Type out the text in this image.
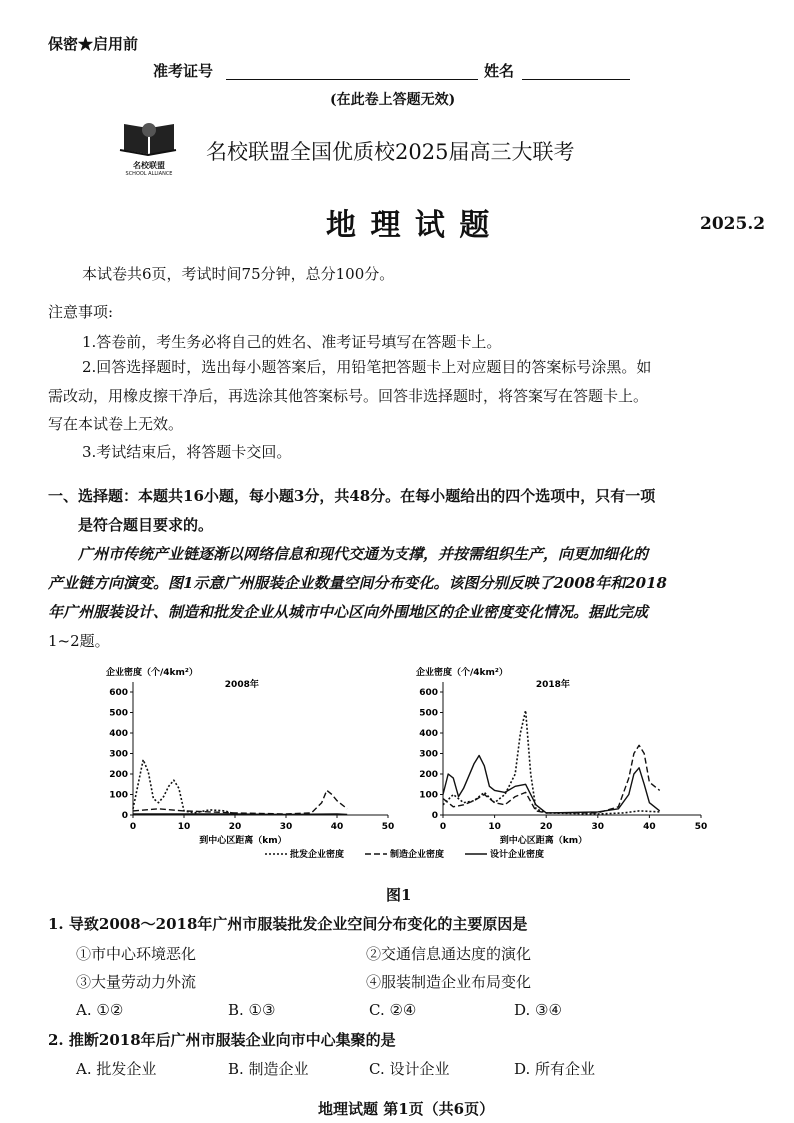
保密★启用前
准考证号	姓名
(在此卷上答题无效)
名校联盟
SCHOOL ALLIANCE
名校联盟全国优质校2025届高三大联考
地 理 试 题	2025.2
本试卷共6页，考试时间75分钟，总分100分。
注意事项:
1.答卷前，考生务必将自己的姓名、准考证号填写在答题卡上。
2.回答选择题时，选出每小题答案后，用铅笔把答题卡上对应题目的答案标号涂黑。如
需改动，用橡皮擦干净后，再选涂其他答案标号。回答非选择题时，将答案写在答题卡上。
写在本试卷上无效。
3.考试结束后，将答题卡交回。
一、选择题：本题共16小题，每小题3分，共48分。在每小题给出的四个选项中，只有一项
是符合题目要求的。
广州市传统产业链逐渐以网络信息和现代交通为支撑，并按需组织生产，向更加细化的
产业链方向演变。图1示意广州服装企业数量空间分布变化。该图分别反映了2008年和2018
年广州服装设计、制造和批发企业从城市中心区向外围地区的企业密度变化情况。据此完成
1~2题。
0
100
200
300
400
500
600
0	10	20	30	40	50
企业密度（个/4km²）
2008年
到中心区距离（km）
0
100
200
300
400
500
600
0	10	20	30	40	50
企业密度（个/4km²）
2018年
到中心区距离（km）
批发企业密度	制造企业密度	设计企业密度
图1
1. 导致2008～2018年广州市服装批发企业空间分布变化的主要原因是
①市中心环境恶化	②交通信息通达度的演化
③大量劳动力外流	④服装制造企业布局变化
A. ①②	B. ①③	C. ②④	D. ③④
2. 推断2018年后广州市服装企业向市中心集聚的是
A. 批发企业	B. 制造企业	C. 设计企业	D. 所有企业
地理试题 第1页（共6页）
